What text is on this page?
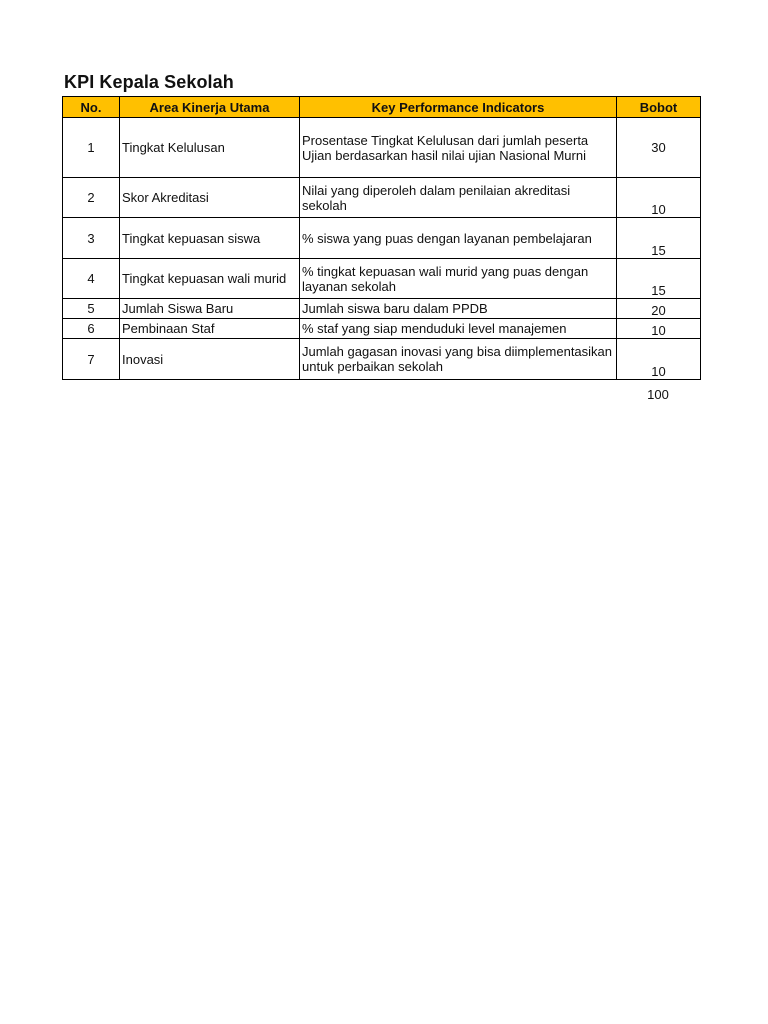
KPI Kepala Sekolah
No.	Area Kinerja Utama	Key Performance Indicators	Bobot
1	Tingkat Kelulusan	Prosentase Tingkat Kelulusan dari jumlah peserta Ujian berdasarkan hasil nilai ujian Nasional Murni	30
2	Skor Akreditasi	Nilai yang diperoleh dalam penilaian akreditasi sekolah	10
3	Tingkat kepuasan siswa	% siswa yang puas dengan layanan pembelajaran	15
4	Tingkat kepuasan wali murid	% tingkat kepuasan wali murid yang puas dengan layanan sekolah	15
5	Jumlah Siswa Baru	Jumlah siswa baru dalam PPDB	20
6	Pembinaan Staf	% staf yang siap menduduki level manajemen	10
7	Inovasi	Jumlah gagasan inovasi yang bisa diimplementasikan untuk perbaikan sekolah	10
100
